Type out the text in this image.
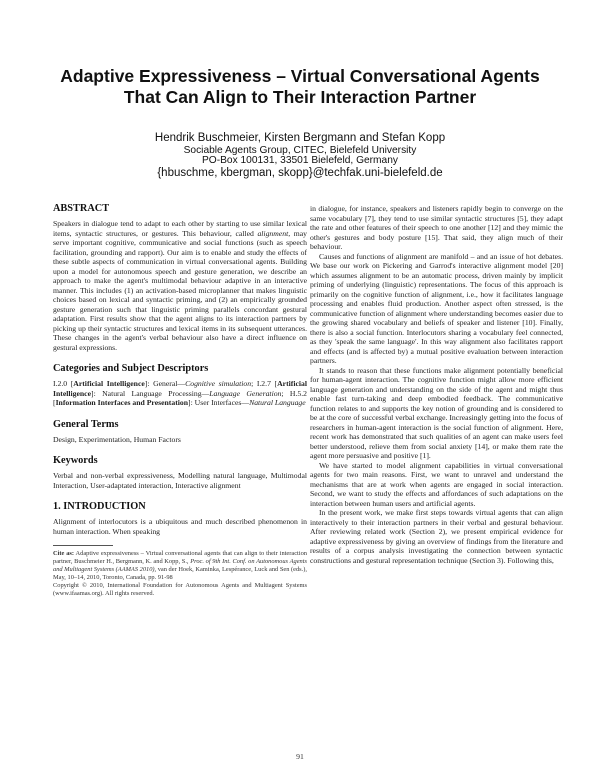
Adaptive Expressiveness – Virtual Conversational Agents
That Can Align to Their Interaction Partner
Hendrik Buschmeier, Kirsten Bergmann and Stefan Kopp
Sociable Agents Group, CITEC, Bielefeld University
PO-Box 100131, 33501 Bielefeld, Germany
{hbuschme, kbergman, skopp}@techfak.uni-bielefeld.de
ABSTRACT

Speakers in dialogue tend to adapt to each other by starting to use similar lexical items, syntactic structures, or gestures. This behaviour, called alignment, may serve important cognitive, communicative and social functions (such as speech facilitation, grounding and rapport). Our aim is to enable and study the effects of these subtle aspects of communication in virtual conversational agents. Building upon a model for autonomous speech and gesture generation, we describe an approach to make the agent's multimodal behaviour adaptive in an interactive manner. This includes (1) an activation-based microplanner that makes linguistic choices based on lexical and syntactic priming, and (2) an empirically grounded gesture generation such that linguistic priming parallels concordant gestural adaptation. First results show that the agent aligns to its interaction partners by picking up their syntactic structures and lexical items in its subsequent utterances. These changes in the agent's verbal behaviour also have a direct influence on gestural expressions.

Categories and Subject Descriptors

I.2.0 [Artificial Intelligence]: General—Cognitive simulation; I.2.7 [Artificial Intelligence]: Natural Language Processing—Language Generation; H.5.2 [Information Interfaces and Presentation]: User Interfaces—Natural Language

General Terms

Design, Experimentation, Human Factors

Keywords

Verbal and non-verbal expressiveness, Modelling natural language, Multimodal Interaction, User-adaptated interaction, Interactive alignment

1. INTRODUCTION

Alignment of interlocutors is a ubiquitous and much described phenomenon in human interaction. When speaking

Cite as: Adaptive expressiveness – Virtual conversational agents that can align to their interaction partner, Buschmeier H., Bergmann, K. and Kopp, S., Proc. of 9th Int. Conf. on Autonomous Agents and Multiagent Systems (AAMAS 2010), van der Hoek, Kaminka, Lespérance, Luck and Sen (eds.), May, 10–14, 2010, Toronto, Canada, pp. 91-98

Copyright © 2010, International Foundation for Autonomous Agents and Multiagent Systems (www.ifaamas.org). All rights reserved.

in dialogue, for instance, speakers and listeners rapidly begin to converge on the same vocabulary [7], they tend to use similar syntactic structures [5], they adapt the rate and other features of their speech to one another [12] and they mimic the other's gestures and body posture [15]. That said, they align much of their behaviour.

Causes and functions of alignment are manifold – and an issue of hot debates. We base our work on Pickering and Garrod's interactive alignment model [20] which assumes alignment to be an automatic process, driven mainly by implicit priming of underlying (linguistic) representations. The focus of this approach is primarily on the cognitive function of alignment, i.e., how it facilitates language processing and enables fluid production. Another aspect often stressed, is the communicative function of alignment where understanding becomes easier due to the growing shared vocabulary and beliefs of speaker and listener [10]. Finally, there is also a social function. Interlocutors sharing a vocabulary feel connected, as they 'speak the same language'. In this way alignment also facilitates rapport and effects (and is affected by) a mutual positive evaluation between interaction partners.

It stands to reason that these functions make alignment potentially beneficial for human-agent interaction. The cognitive function might allow more efficient language generation and understanding on the side of the agent and might thus enable fast turn-taking and deep embodied feedback. The communicative function relates to and supports the key notion of grounding and is considered to be at the core of successful verbal exchange. Increasingly getting into the focus of researchers in human-agent interaction is the social function of alignment. Here, recent work has demonstrated that such qualities of an agent can make users feel better understood, relieve them from social anxiety [14], or make them rate the agent more persuasive and positive [1].

We have started to model alignment capabilities in virtual conversational agents for two main reasons. First, we want to unravel and understand the mechanisms that are at work when agents are engaged in social interaction. Second, we want to study the effects and affordances of such adaptations on the interaction between human users and artificial agents.

In the present work, we make first steps towards virtual agents that can align interactively to their interaction partners in their verbal and gestural behaviour. After reviewing related work (Section 2), we present empirical evidence for adaptive expressiveness by giving an overview of findings from the literature and results of a corpus analysis investigating the connection between syntactic constructions and gestural representation technique (Section 3). Following this,

91
